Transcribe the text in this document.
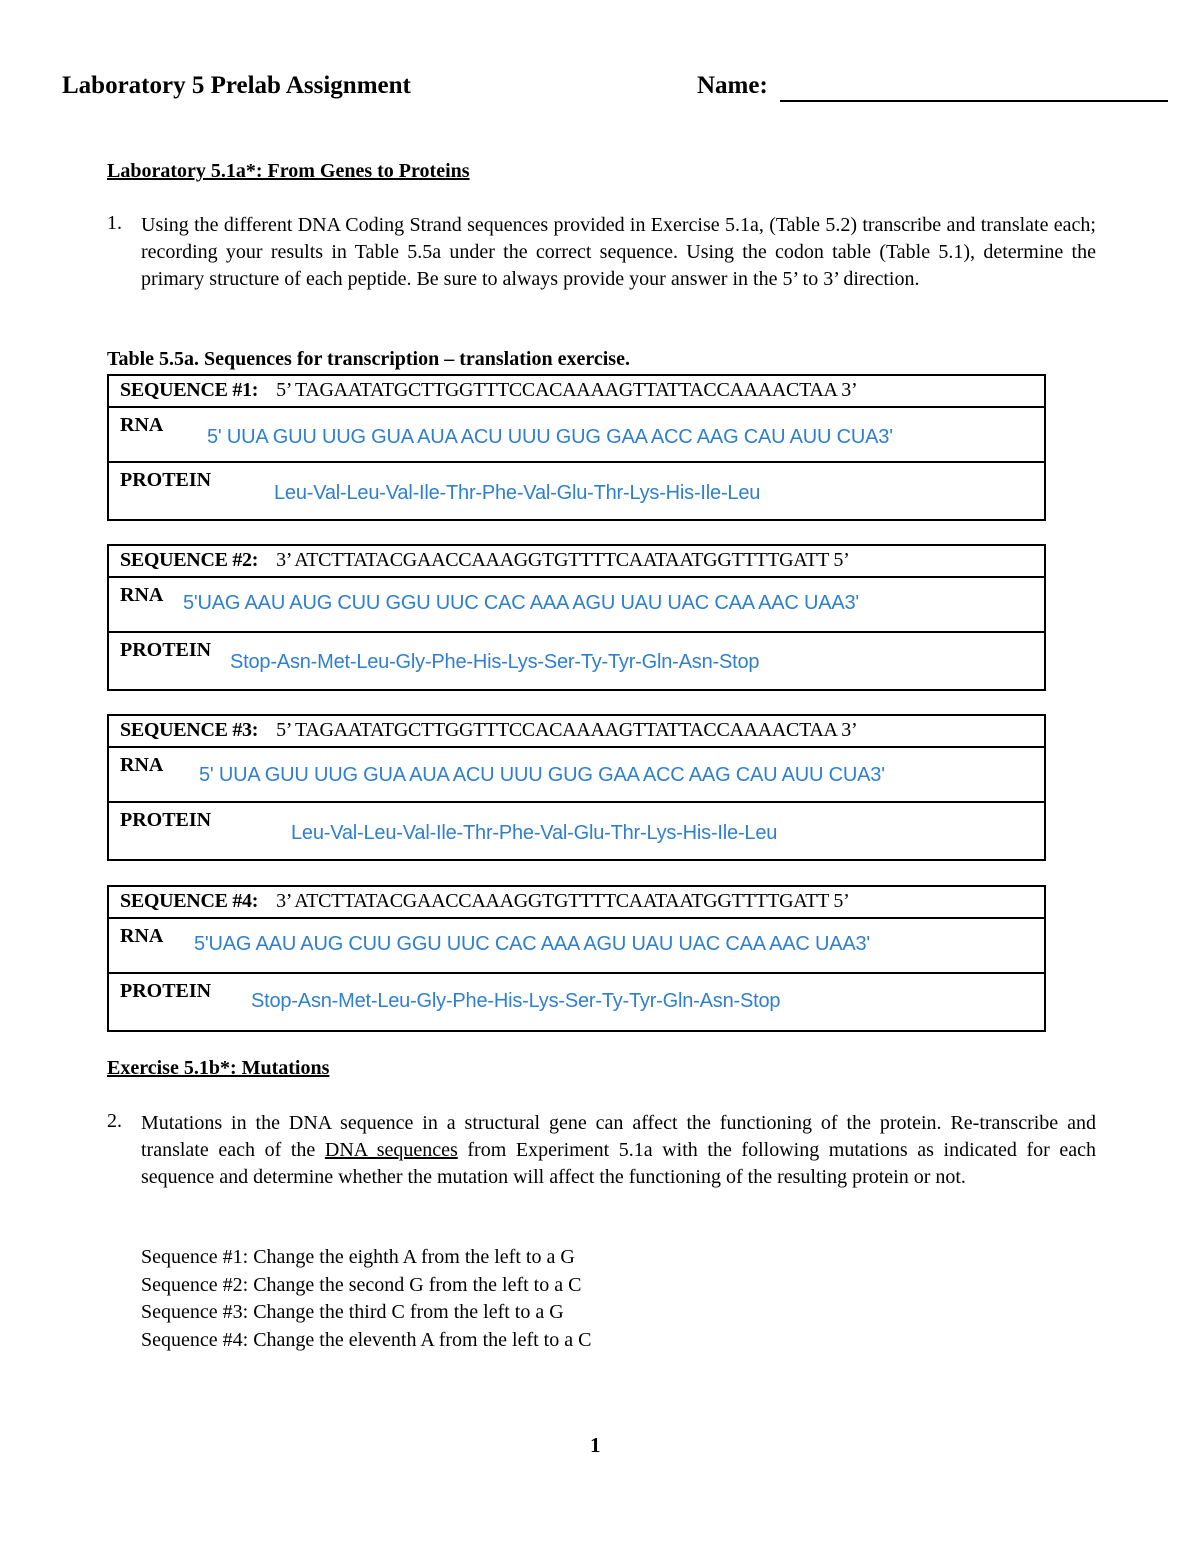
Laboratory 5 Prelab Assignment	Name:
Laboratory 5.1a*: From Genes to Proteins
1. Using the different DNA Coding Strand sequences provided in Exercise 5.1a, (Table 5.2) transcribe and translate each; recording your results in Table 5.5a under the correct sequence. Using the codon table (Table 5.1), determine the primary structure of each peptide. Be sure to always provide your answer in the 5’ to 3’ direction.
Table 5.5a. Sequences for transcription – translation exercise.
SEQUENCE #1: 5’ TAGAATATGCTTGGTTTCCACAAAAGTTATTACCAAAACTAA 3’
RNA
5' UUA GUU UUG GUA AUA ACU UUU GUG GAA ACC AAG CAU AUU CUA3'
PROTEIN
Leu-Val-Leu-Val-Ile-Thr-Phe-Val-Glu-Thr-Lys-His-Ile-Leu
SEQUENCE #2: 3’ ATCTTATACGAACCAAAGGTGTTTTCAATAATGGTTTTGATT 5’
RNA 5'UAG AAU AUG CUU GGU UUC CAC AAA AGU UAU UAC CAA AAC UAA3'
PROTEIN
Stop-Asn-Met-Leu-Gly-Phe-His-Lys-Ser-Ty-Tyr-Gln-Asn-Stop
SEQUENCE #3: 5’ TAGAATATGCTTGGTTTCCACAAAAGTTATTACCAAAACTAA 3’
RNA 5' UUA GUU UUG GUA AUA ACU UUU GUG GAA ACC AAG CAU AUU CUA3'
PROTEIN
Leu-Val-Leu-Val-Ile-Thr-Phe-Val-Glu-Thr-Lys-His-Ile-Leu
SEQUENCE #4: 3’ ATCTTATACGAACCAAAGGTGTTTTCAATAATGGTTTTGATT 5’
RNA 5'UAG AAU AUG CUU GGU UUC CAC AAA AGU UAU UAC CAA AAC UAA3'
PROTEIN Stop-Asn-Met-Leu-Gly-Phe-His-Lys-Ser-Ty-Tyr-Gln-Asn-Stop
Exercise 5.1b*: Mutations
2. Mutations in the DNA sequence in a structural gene can affect the functioning of the protein. Re-transcribe and translate each of the DNA sequences from Experiment 5.1a with the following mutations as indicated for each sequence and determine whether the mutation will affect the functioning of the resulting protein or not.
Sequence #1: Change the eighth A from the left to a G
Sequence #2: Change the second G from the left to a C
Sequence #3: Change the third C from the left to a G
Sequence #4: Change the eleventh A from the left to a C
1
